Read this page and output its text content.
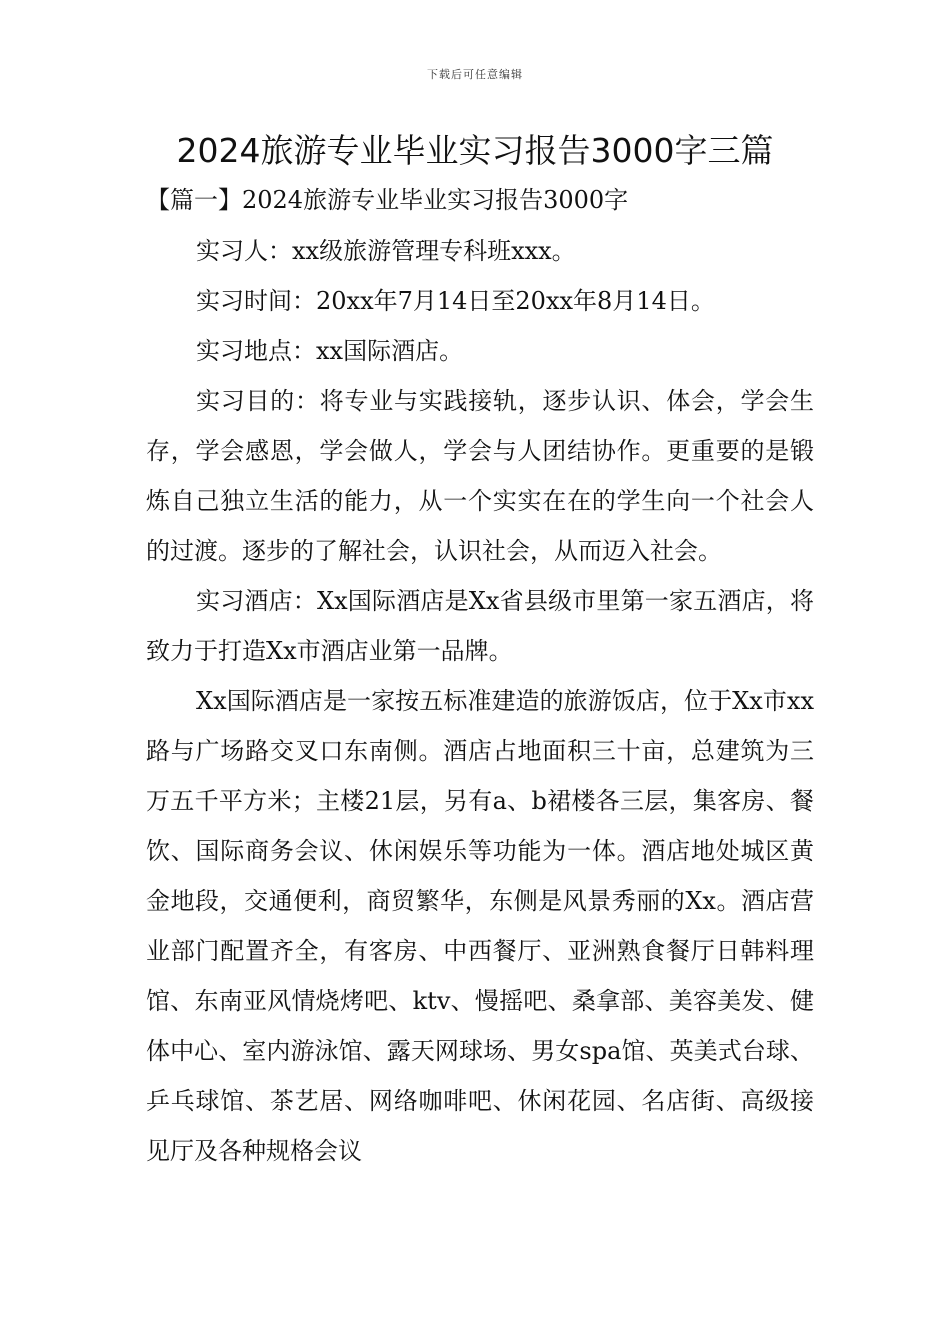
下载后可任意编辑
2024旅游专业毕业实习报告3000字三篇

【篇一】2024旅游专业毕业实习报告3000字

实习人：xx级旅游管理专科班xxx。

实习时间：20xx年7月14日至20xx年8月14日。

实习地点：xx国际酒店。

实习目的：将专业与实践接轨，逐步认识、体会，学会生存，学会感恩，学会做人，学会与人团结协作。更重要的是锻炼自己独立生活的能力，从一个实实在在的学生向一个社会人的过渡。逐步的了解社会，认识社会，从而迈入社会。

实习酒店：Xx国际酒店是Xx省县级市里第一家五酒店，将致力于打造Xx市酒店业第一品牌。

Xx国际酒店是一家按五标准建造的旅游饭店，位于Xx市xx路与广场路交叉口东南侧。酒店占地面积三十亩，总建筑为三万五千平方米；主楼21层，另有a、b裙楼各三层，集客房、餐饮、国际商务会议、休闲娱乐等功能为一体。酒店地处城区黄金地段，交通便利，商贸繁华，东侧是风景秀丽的Xx。酒店营业部门配置齐全，有客房、中西餐厅、亚洲熟食餐厅日韩料理馆、东南亚风情烧烤吧、ktv、慢摇吧、桑拿部、美容美发、健体中心、室内游泳馆、露天网球场、男女spa馆、英美式台球、乒乓球馆、茶艺居、网络咖啡吧、休闲花园、名店街、高级接见厅及各种规格会议
